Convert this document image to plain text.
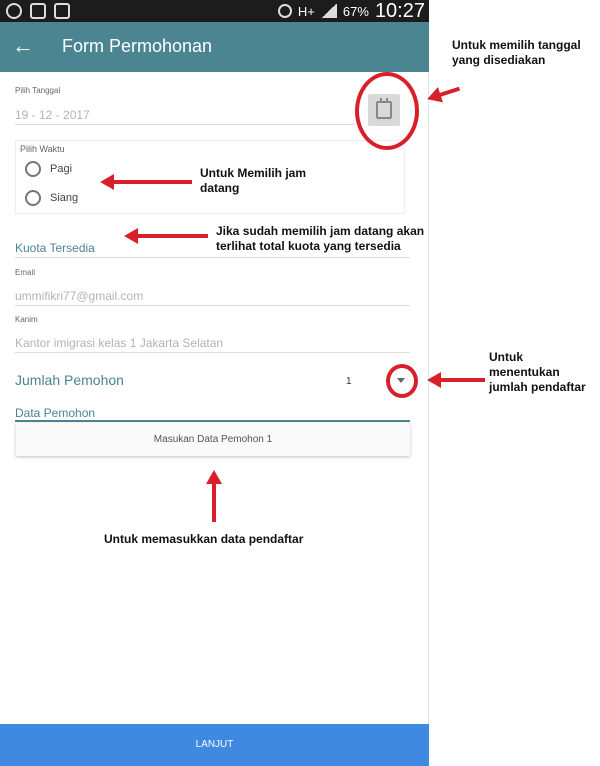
H+ 67% 10:27
← Form Permohonan
Pilih Tanggal
19 - 12 - 2017
Pilih Waktu
Pagi
Siang
Kuota Tersedia
Email
ummifikri77@gmail.com
Kanim
Kantor imigrasi kelas 1 Jakarta Selatan
Jumlah Pemohon	1
Data Pemohon
Masukan Data Pemohon 1
LANJUT
Untuk memilih tanggal yang disediakan
Untuk Memilih jam datang
Jika sudah memilih jam datang akan terlihat total kuota yang tersedia
Untuk menentukan jumlah pendaftar
Untuk memasukkan data pendaftar
